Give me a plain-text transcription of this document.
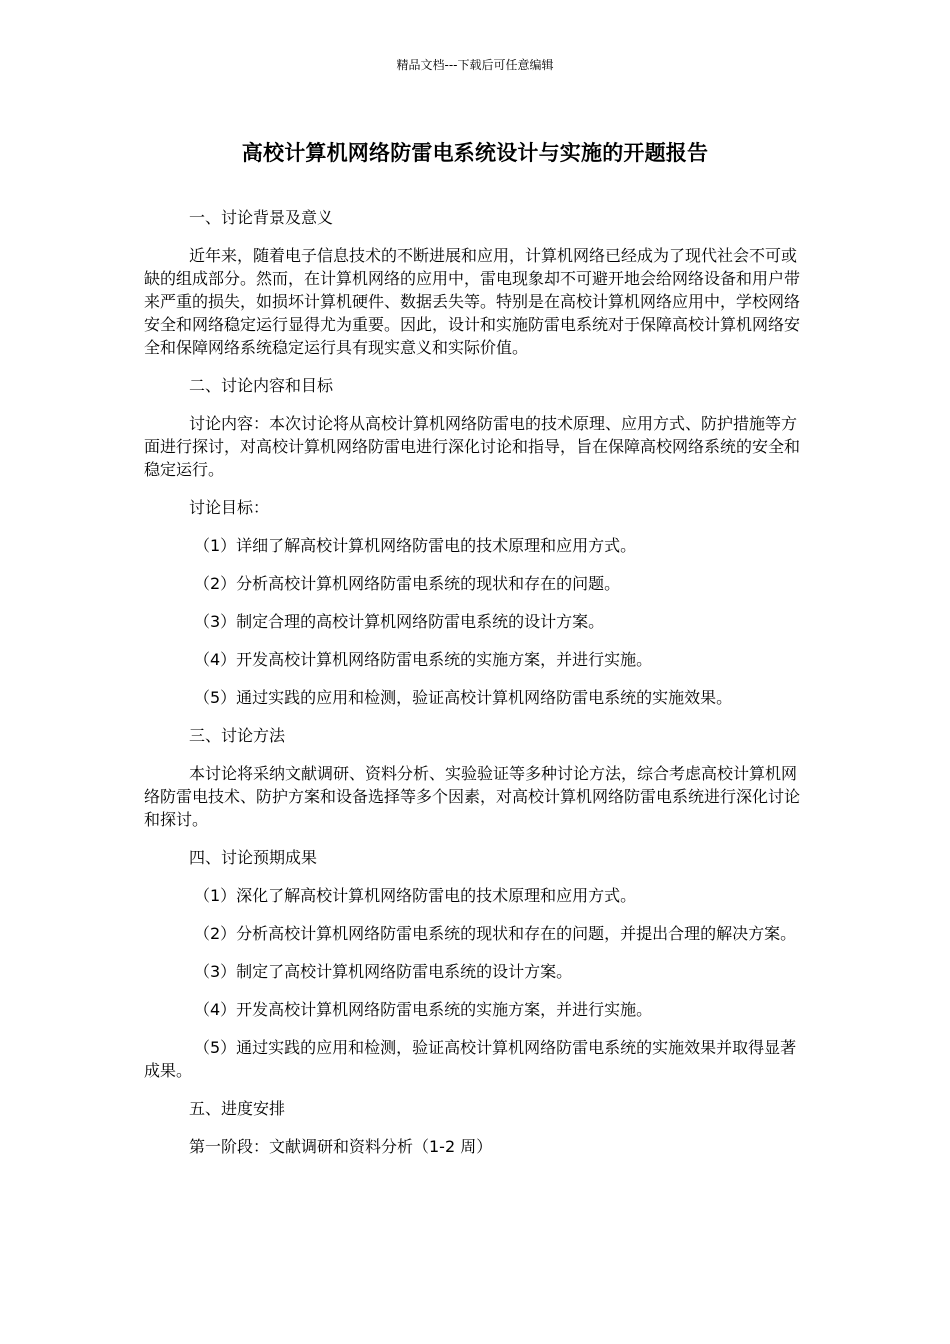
精品文档---下载后可任意编辑
高校计算机网络防雷电系统设计与实施的开题报告

一、讨论背景及意义

近年来，随着电子信息技术的不断进展和应用，计算机网络已经成为了现代社会不可或缺的组成部分。然而，在计算机网络的应用中，雷电现象却不可避开地会给网络设备和用户带来严重的损失，如损坏计算机硬件、数据丢失等。特别是在高校计算机网络应用中，学校网络安全和网络稳定运行显得尤为重要。因此，设计和实施防雷电系统对于保障高校计算机网络安全和保障网络系统稳定运行具有现实意义和实际价值。

二、讨论内容和目标

讨论内容：本次讨论将从高校计算机网络防雷电的技术原理、应用方式、防护措施等方面进行探讨，对高校计算机网络防雷电进行深化讨论和指导，旨在保障高校网络系统的安全和稳定运行。

讨论目标：

（1）详细了解高校计算机网络防雷电的技术原理和应用方式。

（2）分析高校计算机网络防雷电系统的现状和存在的问题。

（3）制定合理的高校计算机网络防雷电系统的设计方案。

（4）开发高校计算机网络防雷电系统的实施方案，并进行实施。

（5）通过实践的应用和检测，验证高校计算机网络防雷电系统的实施效果。

三、讨论方法

本讨论将采纳文献调研、资料分析、实验验证等多种讨论方法，综合考虑高校计算机网络防雷电技术、防护方案和设备选择等多个因素，对高校计算机网络防雷电系统进行深化讨论和探讨。

四、讨论预期成果

（1）深化了解高校计算机网络防雷电的技术原理和应用方式。

（2）分析高校计算机网络防雷电系统的现状和存在的问题，并提出合理的解决方案。

（3）制定了高校计算机网络防雷电系统的设计方案。

（4）开发高校计算机网络防雷电系统的实施方案，并进行实施。

（5）通过实践的应用和检测，验证高校计算机网络防雷电系统的实施效果并取得显著成果。

五、进度安排

第一阶段：文献调研和资料分析（1-2 周）
